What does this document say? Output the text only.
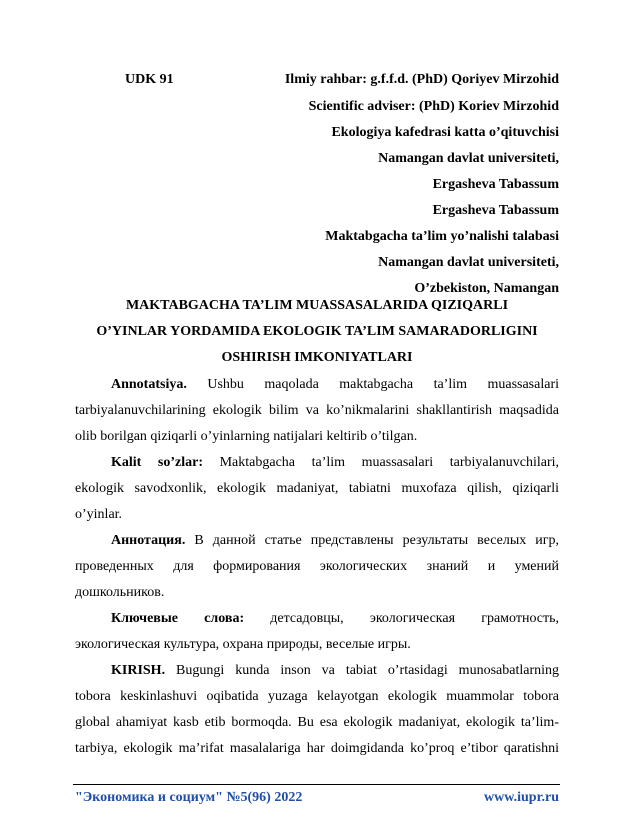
UDK 91	Ilmiy rahbar: g.f.f.d. (PhD) Qoriyev Mirzohid
Scientific adviser: (PhD) Koriev Mirzohid
Ekologiya kafedrasi katta o’qituvchisi
Namangan davlat universiteti,
Ergasheva Tabassum
Ergasheva Tabassum
Maktabgacha ta’lim yo’nalishi talabasi
Namangan davlat universiteti,
O’zbekiston, Namangan
MAKTABGACHA TA’LIM MUASSASALARIDA QIZIQARLI
O’YINLAR YORDAMIDA EKOLOGIK TA’LIM SAMARADORLIGINI
OSHIRISH IMKONIYATLARI
Annotatsiya. Ushbu maqolada maktabgacha ta’lim muassasalari
tarbiyalanuvchilarining ekologik bilim va ko’nikmalarini shakllantirish maqsadida
olib borilgan qiziqarli o’yinlarning natijalari keltirib o’tilgan.
Kalit so’zlar: Maktabgacha ta’lim muassasalari tarbiyalanuvchilari,
ekologik savodxonlik, ekologik madaniyat, tabiatni muxofaza qilish, qiziqarli
o’yinlar.
Аннотация. В данной статье представлены результаты веселых игр,
проведенных для формирования экологических знаний и умений
дошкольников.
Ключевые слова: детсадовцы, экологическая грамотность,
экологическая культура, охрана природы, веселые игры.
KIRISH. Bugungi kunda inson va tabiat o’rtasidagi munosabatlarning
tobora keskinlashuvi oqibatida yuzaga kelayotgan ekologik muammolar tobora
global ahamiyat kasb etib bormoqda. Bu esa ekologik madaniyat, ekologik ta’lim-
tarbiya, ekologik ma’rifat masalalariga har doimgidanda ko’proq e’tibor qaratishni
"Экономика и социум" №5(96) 2022	www.iupr.ru
